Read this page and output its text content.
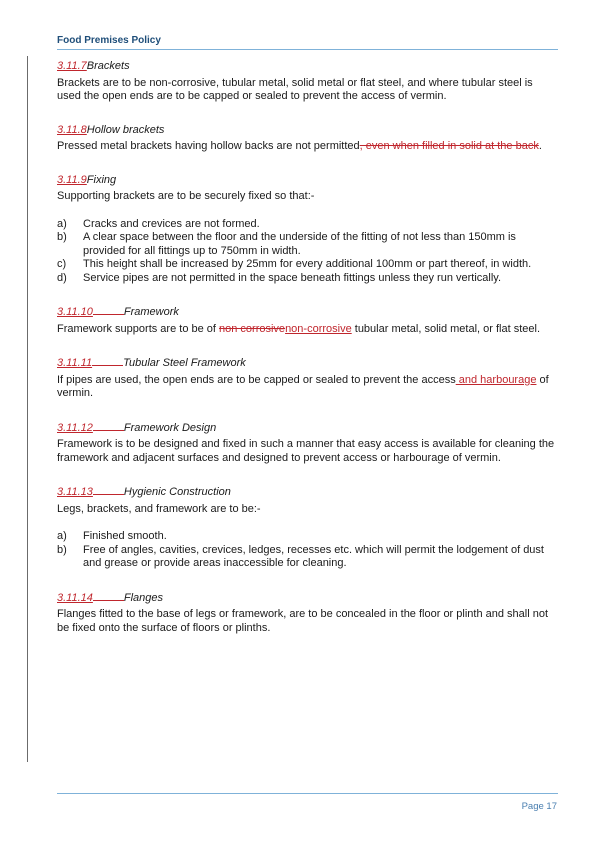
Food Premises Policy
3.11.7Brackets

Brackets are to be non-corrosive, tubular metal, solid metal or flat steel, and where tubular steel is used the open ends are to be capped or sealed to prevent the access of vermin.

3.11.8Hollow brackets

Pressed metal brackets having hollow backs are not permitted, even when filled in solid at the back.

3.11.9Fixing

Supporting brackets are to be securely fixed so that:-

a) Cracks and crevices are not formed.
b) A clear space between the floor and the underside of the fitting of not less than 150mm is provided for all fittings up to 750mm in width.
c) This height shall be increased by 25mm for every additional 100mm or part thereof, in width.
d) Service pipes are not permitted in the space beneath fittings unless they run vertically.
3.11.10	Framework

Framework supports are to be of non corrosivenon-corrosive tubular metal, solid metal, or flat steel.

3.11.11	Tubular Steel Framework

If pipes are used, the open ends are to be capped or sealed to prevent the access and harbourage of vermin.

3.11.12	Framework Design

Framework is to be designed and fixed in such a manner that easy access is available for cleaning the framework and adjacent surfaces and designed to prevent access or harbourage of vermin.

3.11.13	Hygienic Construction

Legs, brackets, and framework are to be:-

a) Finished smooth.
b) Free of angles, cavities, crevices, ledges, recesses etc. which will permit the lodgement of dust and grease or provide areas inaccessible for cleaning.
3.11.14	Flanges

Flanges fitted to the base of legs or framework, are to be concealed in the floor or plinth and shall not be fixed onto the surface of floors or plinths.

Page 17
